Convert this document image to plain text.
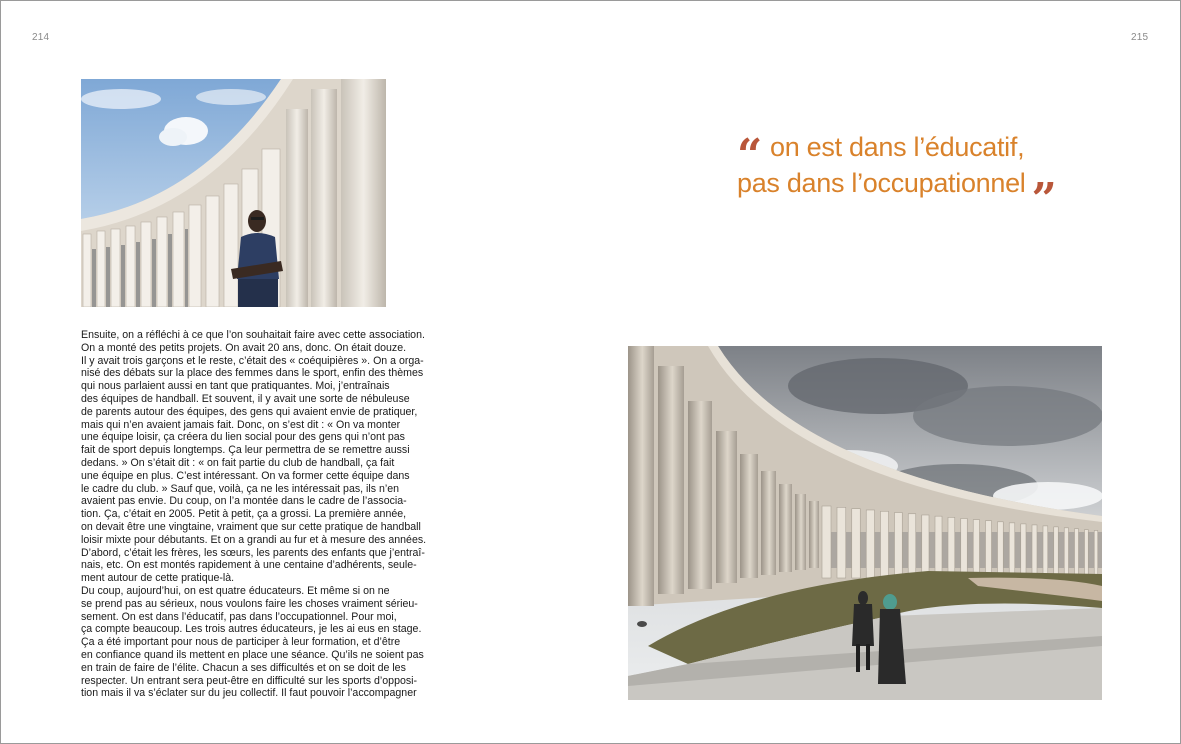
214	215
Ensuite, on a réfléchi à ce que l’on souhaitait faire avec cette association.
On a monté des petits projets. On avait 20 ans, donc. On était douze.
Il y avait trois garçons et le reste, c’était des « coéquipières ». On a orga-
nisé des débats sur la place des femmes dans le sport, enfin des thèmes
qui nous parlaient aussi en tant que pratiquantes. Moi, j’entraînais
des équipes de handball. Et souvent, il y avait une sorte de nébuleuse
de parents autour des équipes, des gens qui avaient envie de pratiquer,
mais qui n’en avaient jamais fait. Donc, on s’est dit : « On va monter
une équipe loisir, ça créera du lien social pour des gens qui n’ont pas
fait de sport depuis longtemps. Ça leur permettra de se remettre aussi
dedans. » On s’était dit : « on fait partie du club de handball, ça fait
une équipe en plus. C’est intéressant. On va former cette équipe dans
le cadre du club. » Sauf que, voilà, ça ne les intéressait pas, ils n’en
avaient pas envie. Du coup, on l’a montée dans le cadre de l’associa-
tion. Ça, c’était en 2005. Petit à petit, ça a grossi. La première année,
on devait être une vingtaine, vraiment que sur cette pratique de handball
loisir mixte pour débutants. Et on a grandi au fur et à mesure des années.
D’abord, c’était les frères, les sœurs, les parents des enfants que j’entraî-
nais, etc. On est montés rapidement à une centaine d’adhérents, seule-
ment autour de cette pratique-là.
Du coup, aujourd’hui, on est quatre éducateurs. Et même si on ne
se prend pas au sérieux, nous voulons faire les choses vraiment sérieu-
sement. On est dans l’éducatif, pas dans l’occupationnel. Pour moi,
ça compte beaucoup. Les trois autres éducateurs, je les ai eus en stage.
Ça a été important pour nous de participer à leur formation, et d’être
en confiance quand ils mettent en place une séance. Qu’ils ne soient pas
en train de faire de l’élite. Chacun a ses difficultés et on se doit de les
respecter. Un entrant sera peut-être en difficulté sur les sports d’opposi-
tion mais il va s’éclater sur du jeu collectif. Il faut pouvoir l’accompagner
“ on est dans l’éducatif,
pas dans l’occupationnel ”
